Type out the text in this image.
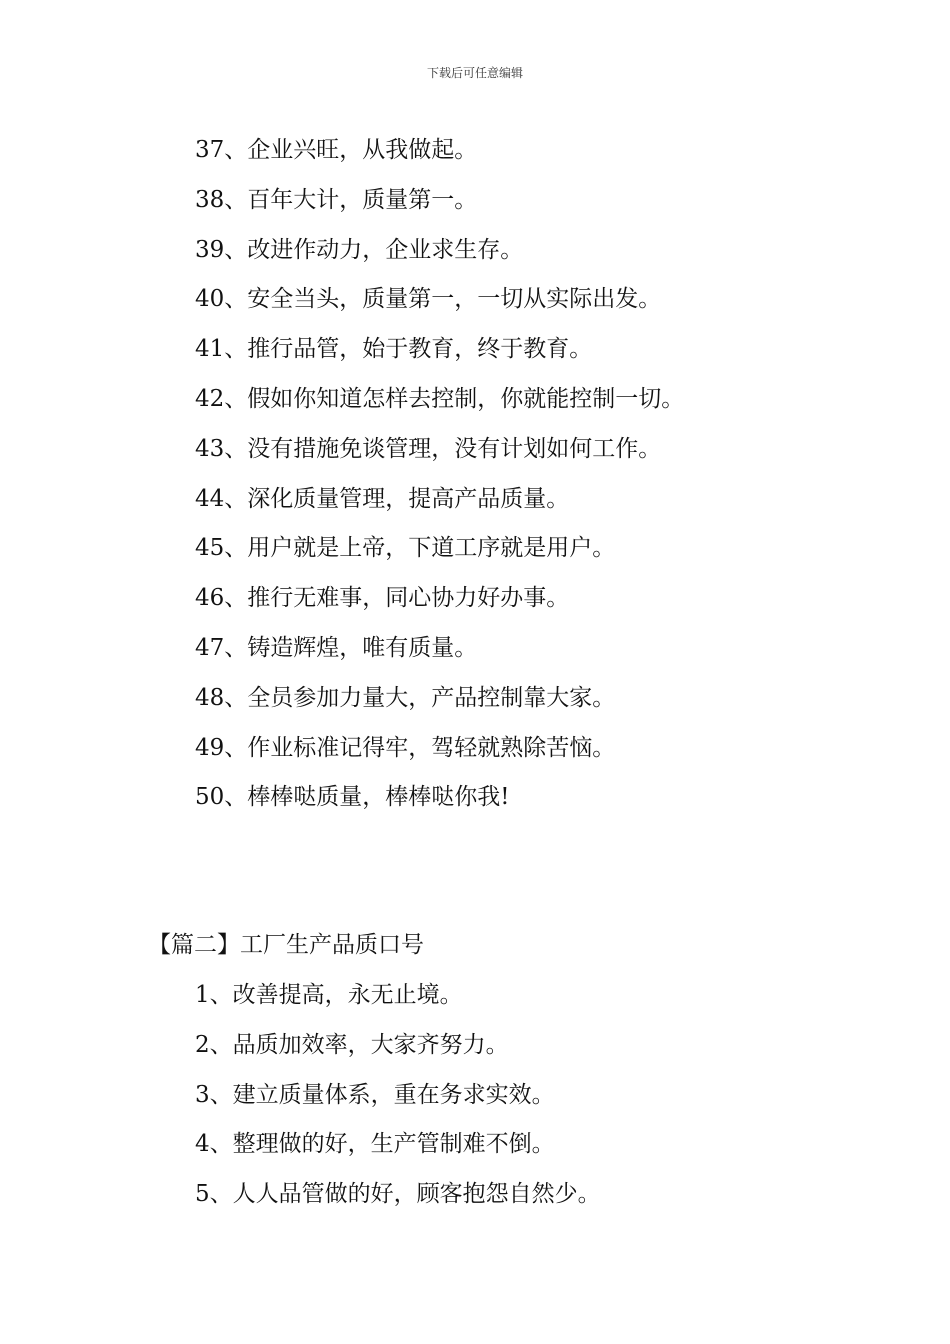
下载后可任意编辑
37、企业兴旺，从我做起。
38、百年大计，质量第一。
39、改进作动力，企业求生存。
40、安全当头，质量第一，一切从实际出发。
41、推行品管，始于教育，终于教育。
42、假如你知道怎样去控制，你就能控制一切。
43、没有措施免谈管理，没有计划如何工作。
44、深化质量管理，提高产品质量。
45、用户就是上帝，下道工序就是用户。
46、推行无难事，同心协力好办事。
47、铸造辉煌，唯有质量。
48、全员参加力量大，产品控制靠大家。
49、作业标准记得牢，驾轻就熟除苦恼。
50、棒棒哒质量，棒棒哒你我!
【篇二】工厂生产品质口号
1、改善提高，永无止境。
2、品质加效率，大家齐努力。
3、建立质量体系，重在务求实效。
4、整理做的好，生产管制难不倒。
5、人人品管做的好，顾客抱怨自然少。
